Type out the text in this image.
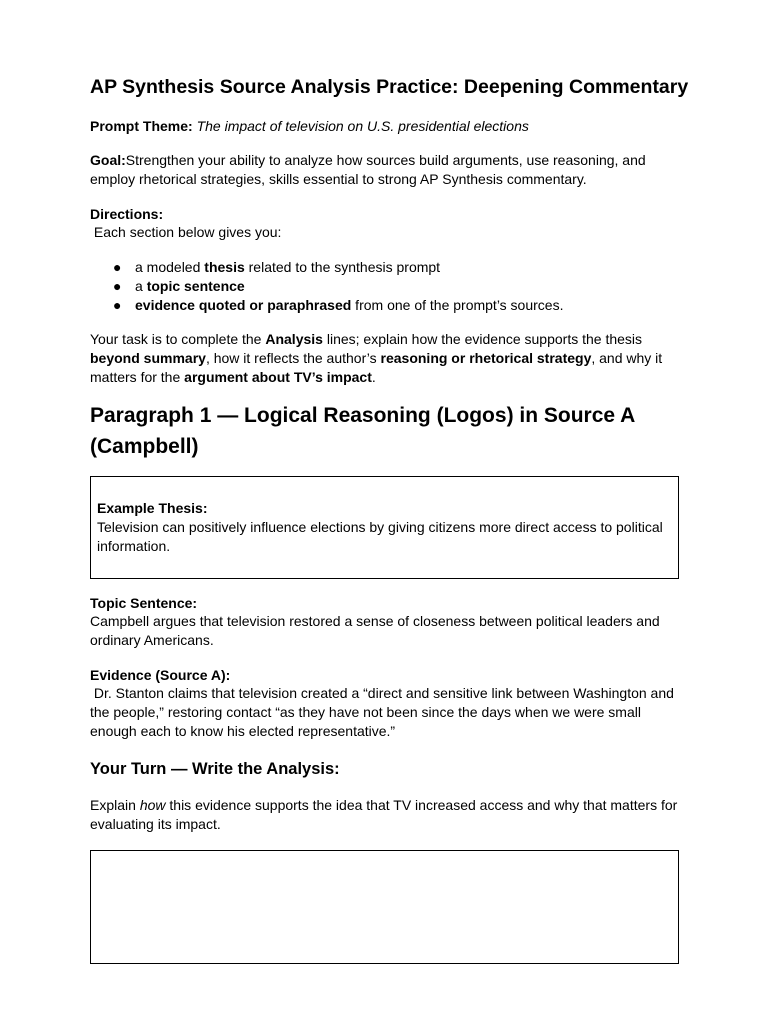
AP Synthesis Source Analysis Practice: Deepening Commentary
Prompt Theme: The impact of television on U.S. presidential elections
Goal:Strengthen your ability to analyze how sources build arguments, use reasoning, and employ rhetorical strategies, skills essential to strong AP Synthesis commentary.
Directions:
Each section below gives you:
● a modeled thesis related to the synthesis prompt
● a topic sentence
● evidence quoted or paraphrased from one of the prompt’s sources.
Your task is to complete the Analysis lines; explain how the evidence supports the thesis beyond summary, how it reflects the author’s reasoning or rhetorical strategy, and why it matters for the argument about TV’s impact.
Paragraph 1 — Logical Reasoning (Logos) in Source A (Campbell)
Example Thesis:
Television can positively influence elections by giving citizens more direct access to political information.
Topic Sentence:
Campbell argues that television restored a sense of closeness between political leaders and ordinary Americans.
Evidence (Source A):
Dr. Stanton claims that television created a “direct and sensitive link between Washington and the people,” restoring contact “as they have not been since the days when we were small enough each to know his elected representative.”
Your Turn — Write the Analysis:
Explain how this evidence supports the idea that TV increased access and why that matters for evaluating its impact.
